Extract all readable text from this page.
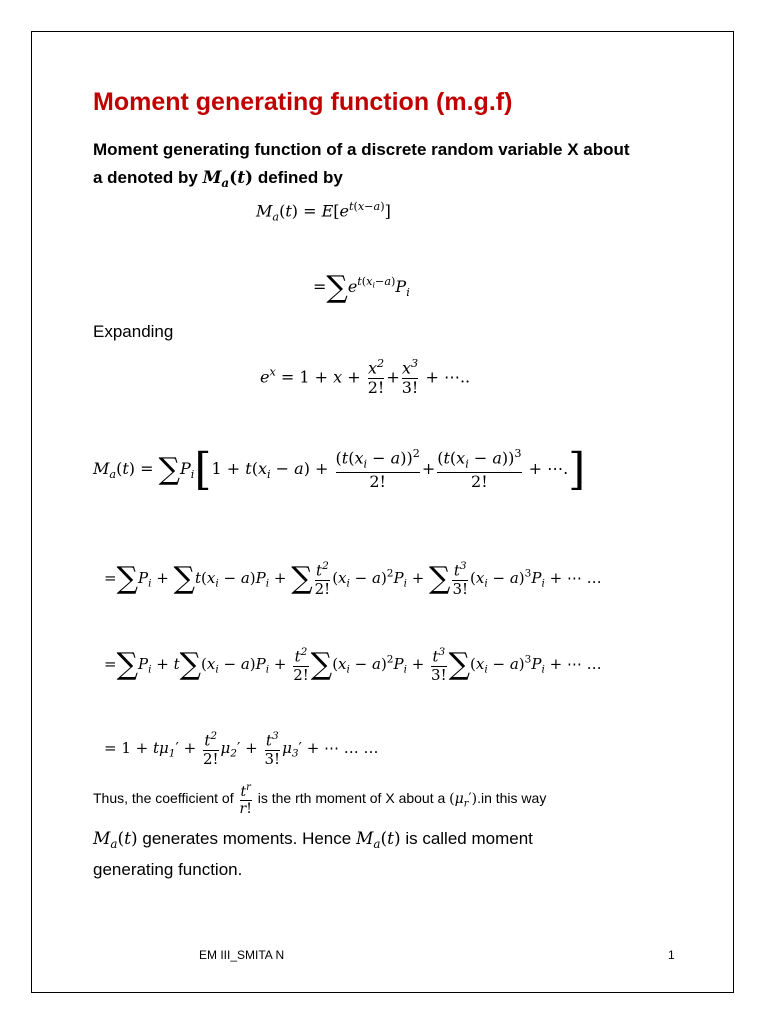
Moment generating function (m.g.f)
Moment generating function of a discrete random variable X about
a denoted by $M_a(t)$ defined by
$M_a(t) = E[e^{t(x-a)}]$
$=\sum e^{t(x_i-a)}P_i$
Expanding
$e^x = 1 + x + \frac{x^2}{2!} + \frac{x^3}{3!}$ + ⋯..
$M_a(t) = \sum P_i[1 + t(x_i - a) + \frac{(t(x_i - a))^2}{2!} + \frac{(t(x_i - a))^3}{2!}$ + ⋯.]
$=\sum P_i + \sum t(x_i - a)P_i$ + ∑ $\frac{t^2}{2!} (x_i - a)^2P_i$ + ∑ $\frac{t^3}{3!} (x_i - a)^3P_i$ + ⋯ …
$=\sum P_i + t\sum(x_i - a)P_i + \frac{t^2}{2!} \sum(x_i - a)^2P_i + \frac{t^3}{3!} \sum(x_i - a)^3P_i$ + ⋯ …
= $1 + t\mu_1' + \frac{t^2}{2!} \mu_2' + \frac{t^3}{3!} \mu_3'$ + ⋯ … …
Thus, the coefficient of $\frac{t^r}{r!}$ is the rth moment of X about a $(\mu_r').in$ this way
$M_a(t)$ generates moments. Hence $M_a(t)$ is called moment
generating function.
EM III_SMITA N	1
